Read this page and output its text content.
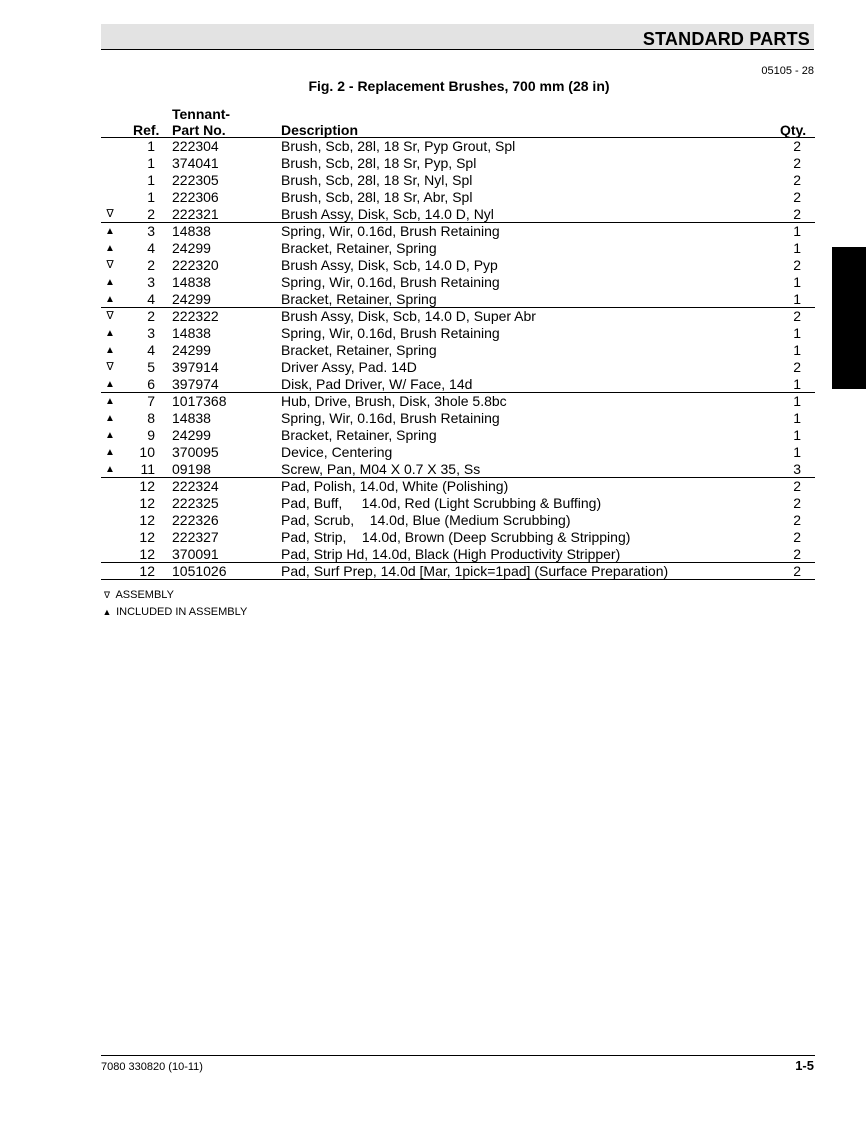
STANDARD PARTS
05105 - 28
Fig. 2 - Replacement Brushes, 700 mm (28 in)
Tennant-
Ref. Part No.	Description	Qty.
1 222304	Brush, Scb, 28l, 18 Sr, Pyp Grout, Spl	2
1 374041	Brush, Scb, 28l, 18 Sr, Pyp, Spl	2
1 222305	Brush, Scb, 28l, 18 Sr, Nyl, Spl	2
1 222306	Brush, Scb, 28l, 18 Sr, Abr, Spl	2
∇	2 222321	Brush Assy, Disk, Scb, 14.0 D, Nyl	2
▲	3 14838	Spring, Wir, 0.16d, Brush Retaining	1
▲	4 24299	Bracket, Retainer, Spring	1
∇	2 222320	Brush Assy, Disk, Scb, 14.0 D, Pyp	2
▲	3 14838	Spring, Wir, 0.16d, Brush Retaining	1
▲	4 24299	Bracket, Retainer, Spring	1
∇	2 222322	Brush Assy, Disk, Scb, 14.0 D, Super Abr	2
▲	3 14838	Spring, Wir, 0.16d, Brush Retaining	1
▲	4 24299	Bracket, Retainer, Spring	1
∇	5 397914	Driver Assy, Pad. 14D	2
▲	6 397974	Disk, Pad Driver, W/ Face, 14d	1
▲	7 1017368	Hub, Drive, Brush, Disk, 3hole 5.8bc	1
▲	8 14838	Spring, Wir, 0.16d, Brush Retaining	1
▲	9 24299	Bracket, Retainer, Spring	1
▲	10 370095	Device, Centering	1
▲	11 09198	Screw, Pan, M04 X 0.7 X 35, Ss	3
12 222324	Pad, Polish, 14.0d, White (Polishing)	2
12 222325	Pad, Buff,     14.0d, Red (Light Scrubbing & Buffing)	2
12 222326	Pad, Scrub,    14.0d, Blue (Medium Scrubbing)	2
12 222327	Pad, Strip,    14.0d, Brown (Deep Scrubbing & Stripping)	2
12 370091	Pad, Strip Hd, 14.0d, Black (High Productivity Stripper)	2
12 1051026	Pad, Surf Prep, 14.0d [Mar, 1pick=1pad] (Surface Preparation)	2
∇ ASSEMBLY
▲ INCLUDED IN ASSEMBLY
7080 330820 (10-11)	1-5
